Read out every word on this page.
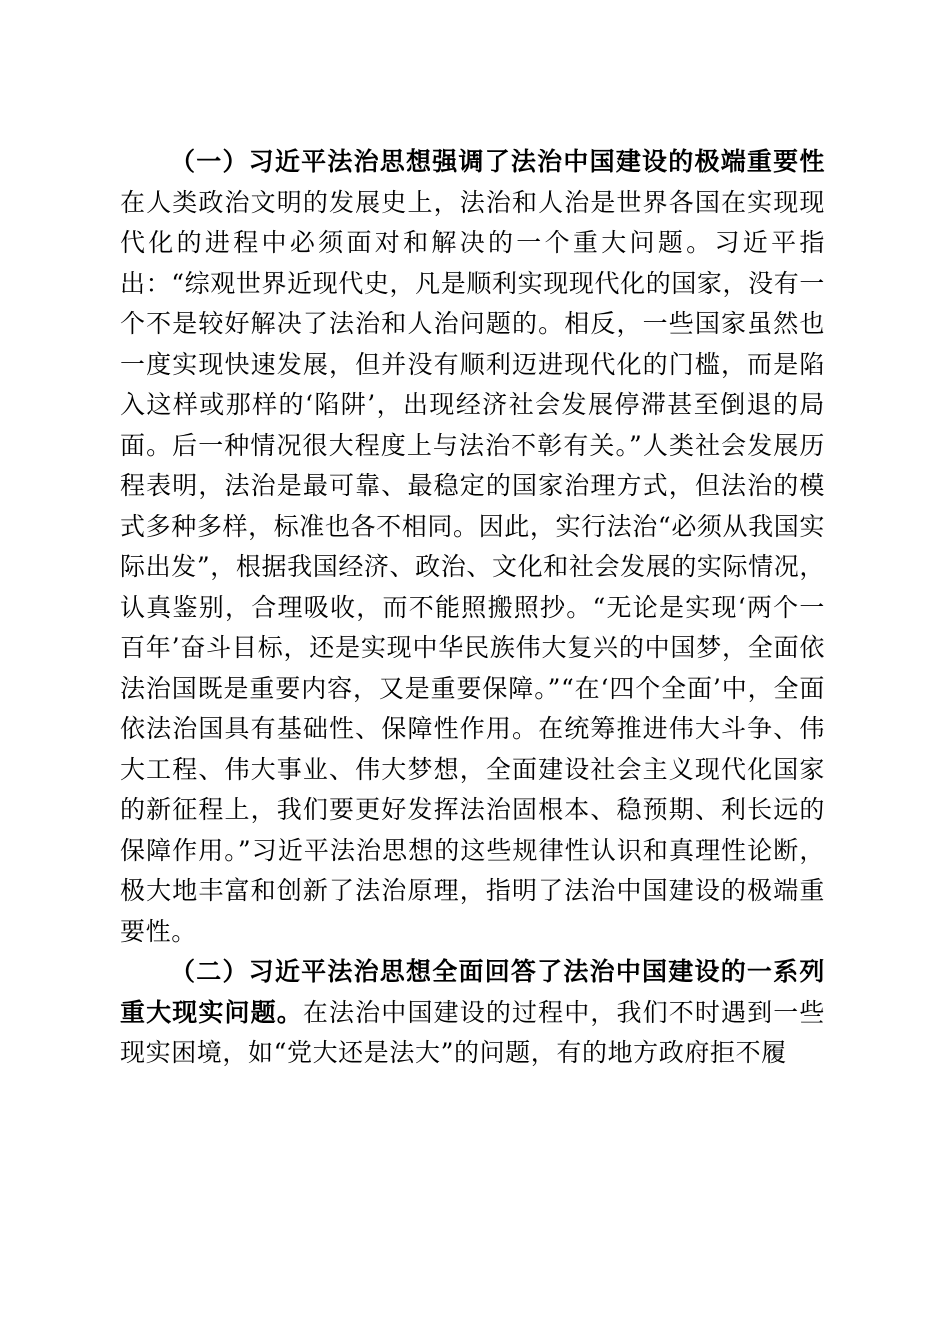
（一）习近平法治思想强调了法治中国建设的极端重要性在人类政治文明的发展史上，法治和人治是世界各国在实现现代化的进程中必须面对和解决的一个重大问题。习近平指出：“综观世界近现代史，凡是顺利实现现代化的国家，没有一个不是较好解决了法治和人治问题的。相反，一些国家虽然也一度实现快速发展，但并没有顺利迈进现代化的门槛，而是陷入这样或那样的‘陷阱’，出现经济社会发展停滞甚至倒退的局面。后一种情况很大程度上与法治不彰有关。”人类社会发展历程表明，法治是最可靠、最稳定的国家治理方式，但法治的模式多种多样，标准也各不相同。因此，实行法治“必须从我国实际出发”，根据我国经济、政治、文化和社会发展的实际情况，认真鉴别，合理吸收，而不能照搬照抄。“无论是实现‘两个一百年’奋斗目标，还是实现中华民族伟大复兴的中国梦，全面依法治国既是重要内容，又是重要保障。”“在‘四个全面’中，全面依法治国具有基础性、保障性作用。在统筹推进伟大斗争、伟大工程、伟大事业、伟大梦想，全面建设社会主义现代化国家的新征程上，我们要更好发挥法治固根本、稳预期、利长远的保障作用。”习近平法治思想的这些规律性认识和真理性论断，极大地丰富和创新了法治原理，指明了法治中国建设的极端重要性。

（二）习近平法治思想全面回答了法治中国建设的一系列重大现实问题。在法治中国建设的过程中，我们不时遇到一些现实困境，如“党大还是法大”的问题，有的地方政府拒不履
